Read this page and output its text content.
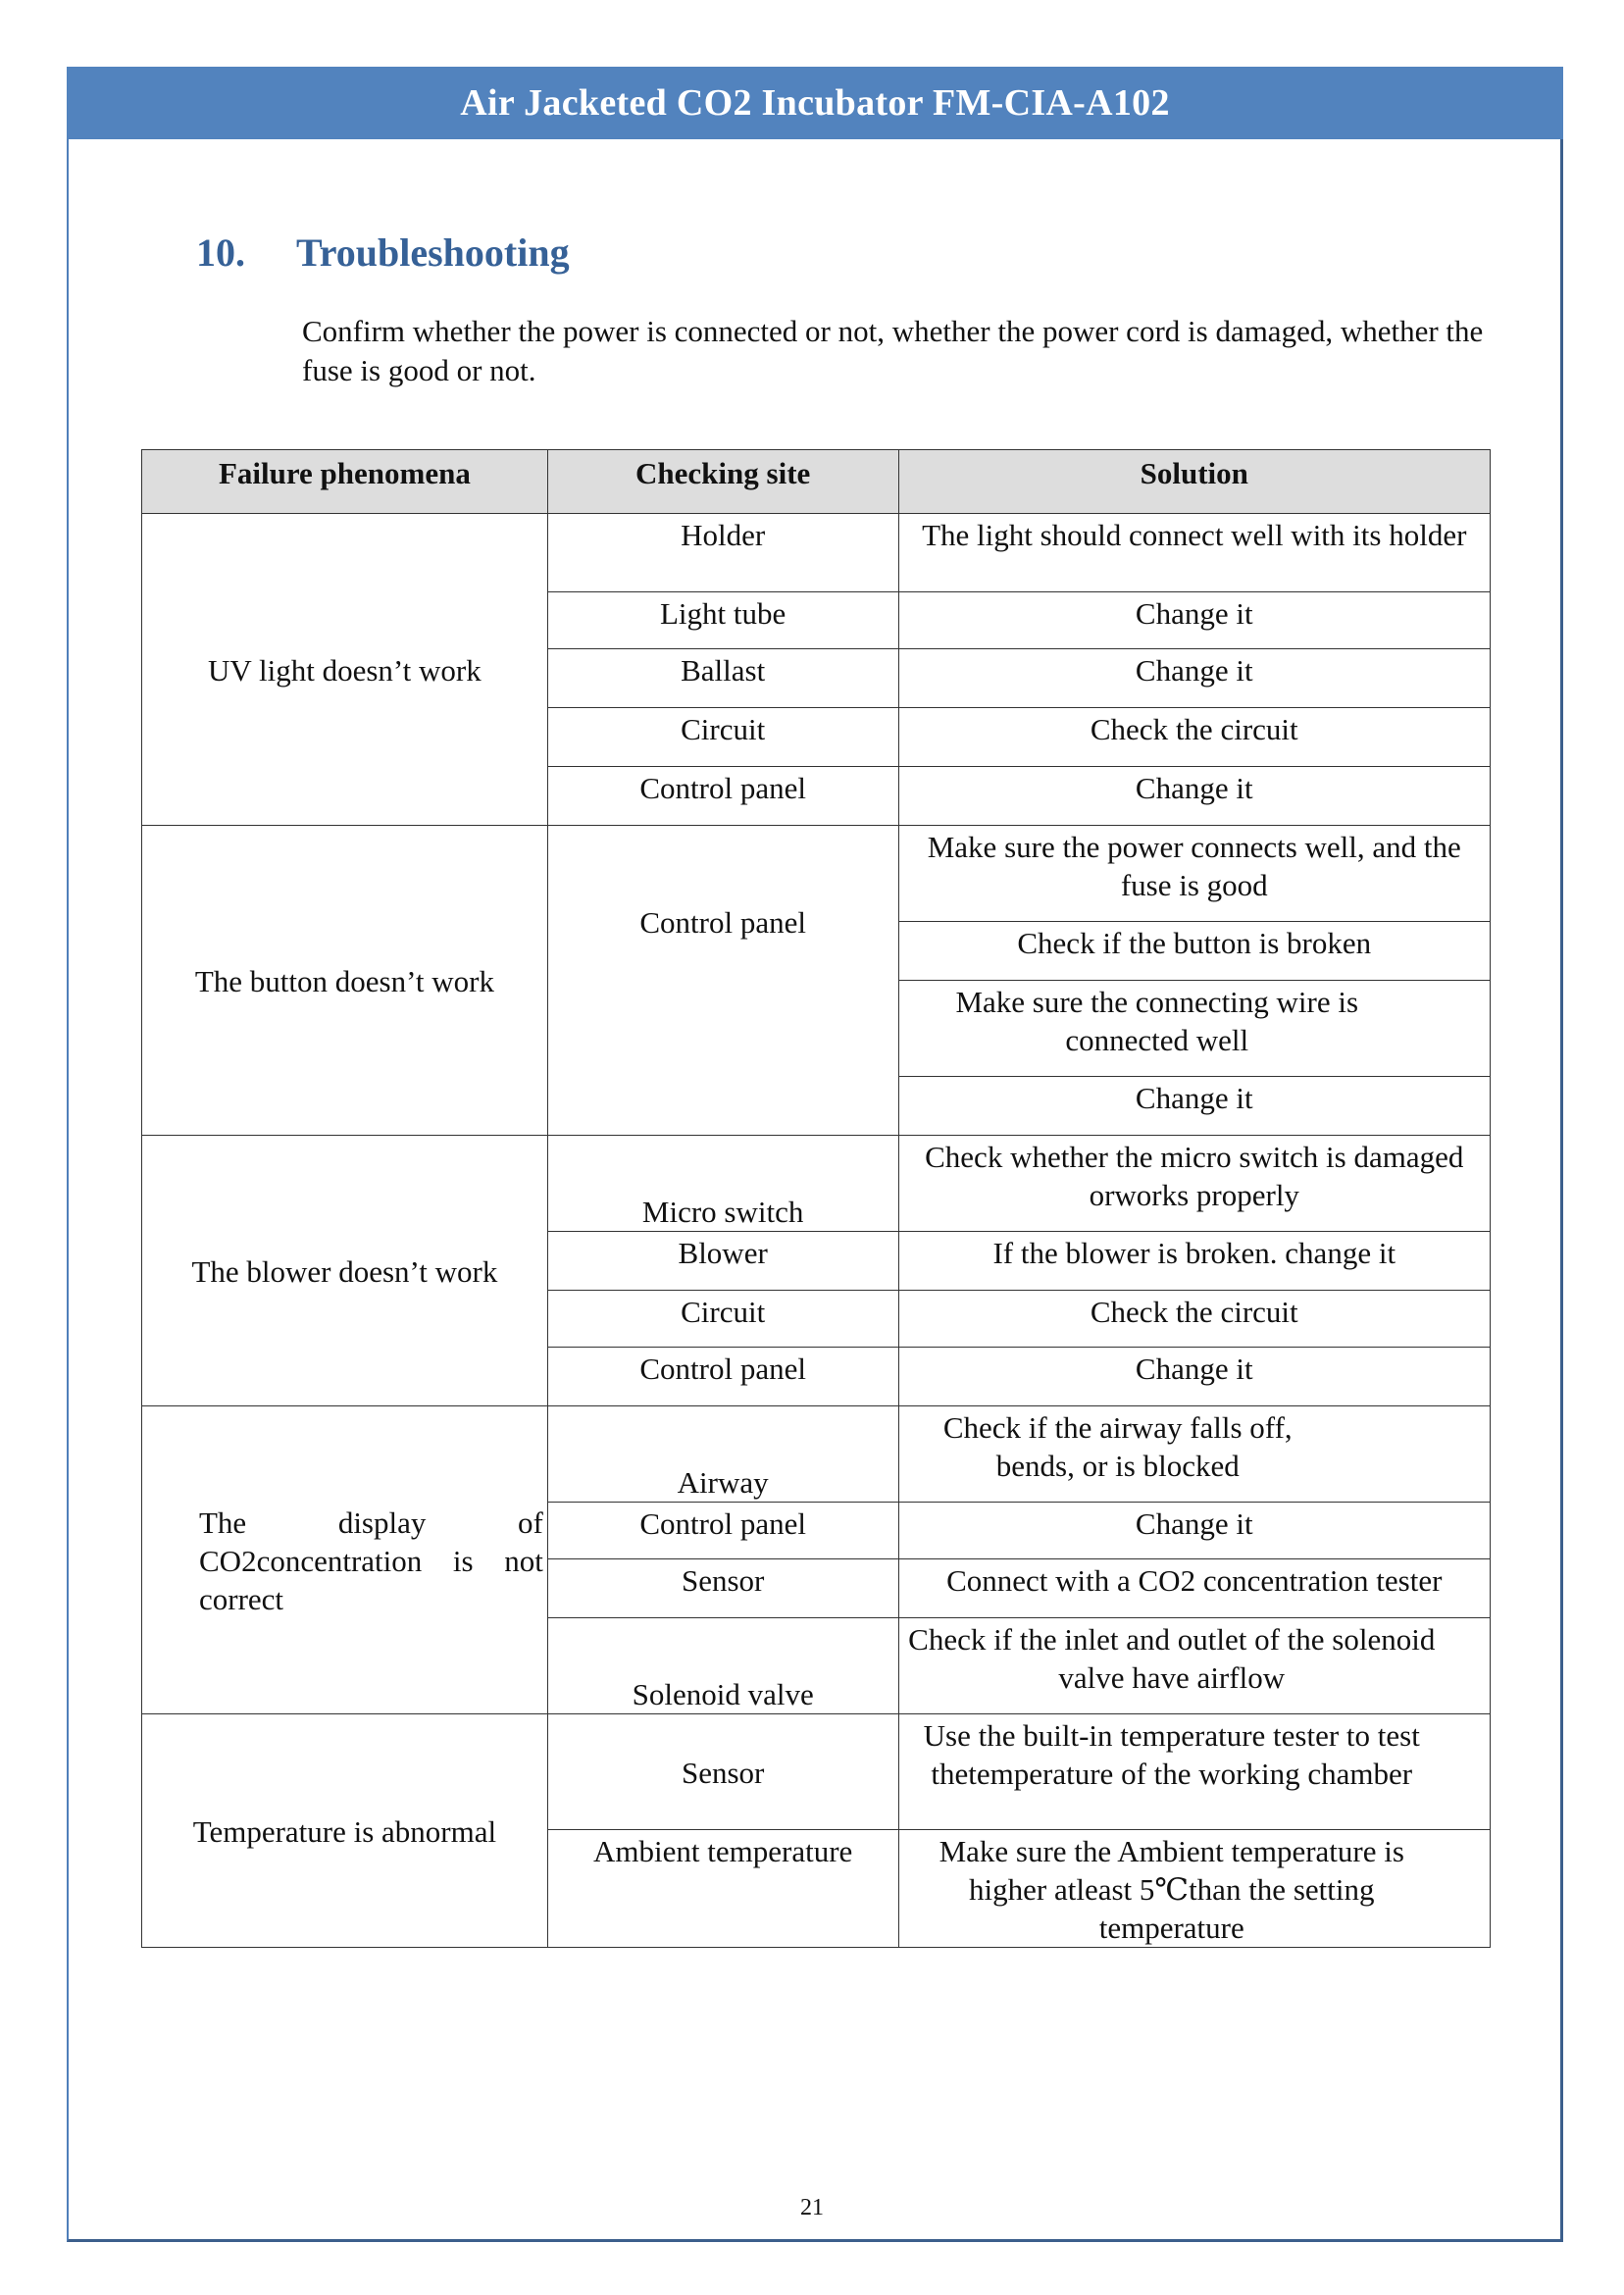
Air Jacketed CO2 Incubator FM-CIA-A102
10. Troubleshooting
Confirm whether the power is connected or not, whether the power cord is damaged, whether the fuse is good or not.
Failure phenomena	Checking site	Solution
UV light doesn’t work	Holder	The light should connect well with its holder
	Light tube	Change it
	Ballast	Change it
	Circuit	Check the circuit
	Control panel	Change it
The button doesn’t work	Control panel	Make sure the power connects well, and the fuse is good
		Check if the button is broken
		Make sure the connecting wire is connected well
		Change it
The blower doesn’t work	Micro switch	Check whether the micro switch is damaged orworks properly
	Blower	If the blower is broken. change it
	Circuit	Check the circuit
	Control panel	Change it
The display of CO2concentration is not correct	Airway	Check if the airway falls off, bends, or is blocked
	Control panel	Change it
	Sensor	Connect with a CO2 concentration tester
	Solenoid valve	Check if the inlet and outlet of the solenoid valve have airflow
Temperature is abnormal	Sensor	Use the built-in temperature tester to test thetemperature of the working chamber
	Ambient temperature	Make sure the Ambient temperature is higher atleast 5℃than the setting temperature
21
